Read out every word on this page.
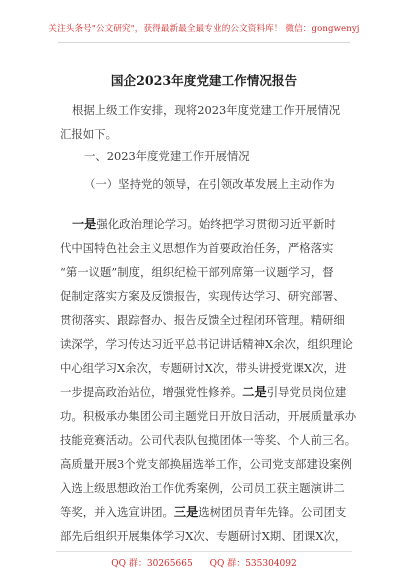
关注头条号"公文研究"，获得最新最全最专业的公文资料库！ 微信：gongwenyj
国企2023年度党建工作情况报告
根据上级工作安排，现将2023年度党建工作开展情况
汇报如下。
一、2023年度党建工作开展情况
（一）坚持党的领导，在引领改革发展上主动作为
一是强化政治理论学习。始终把学习贯彻习近平新时
代中国特色社会主义思想作为首要政治任务，严格落实
“第一议题”制度，组织纪检干部列席第一议题学习，督
促制定落实方案及反馈报告，实现传达学习、研究部署、
贯彻落实、跟踪督办、报告反馈全过程闭环管理。精研细
读深学，学习传达习近平总书记讲话精神X余次，组织理论
中心组学习X余次，专题研讨X次，带头讲授党课X次，进
一步提高政治站位，增强党性修养。二是引导党员岗位建
功。积极承办集团公司主题党日开放日活动，开展质量承办
技能竞赛活动。公司代表队包揽团体一等奖、个人前三名。
高质量开展3个党支部换届选举工作，公司党支部建设案例
入选上级思想政治工作优秀案例，公司员工获主题演讲二
等奖，并入选宣讲团。三是选树团员青年先锋。公司团支
部先后组织开展集体学习X次、专题研讨X期、团课X次，
QQ 群：30265665 QQ 群：535304092
